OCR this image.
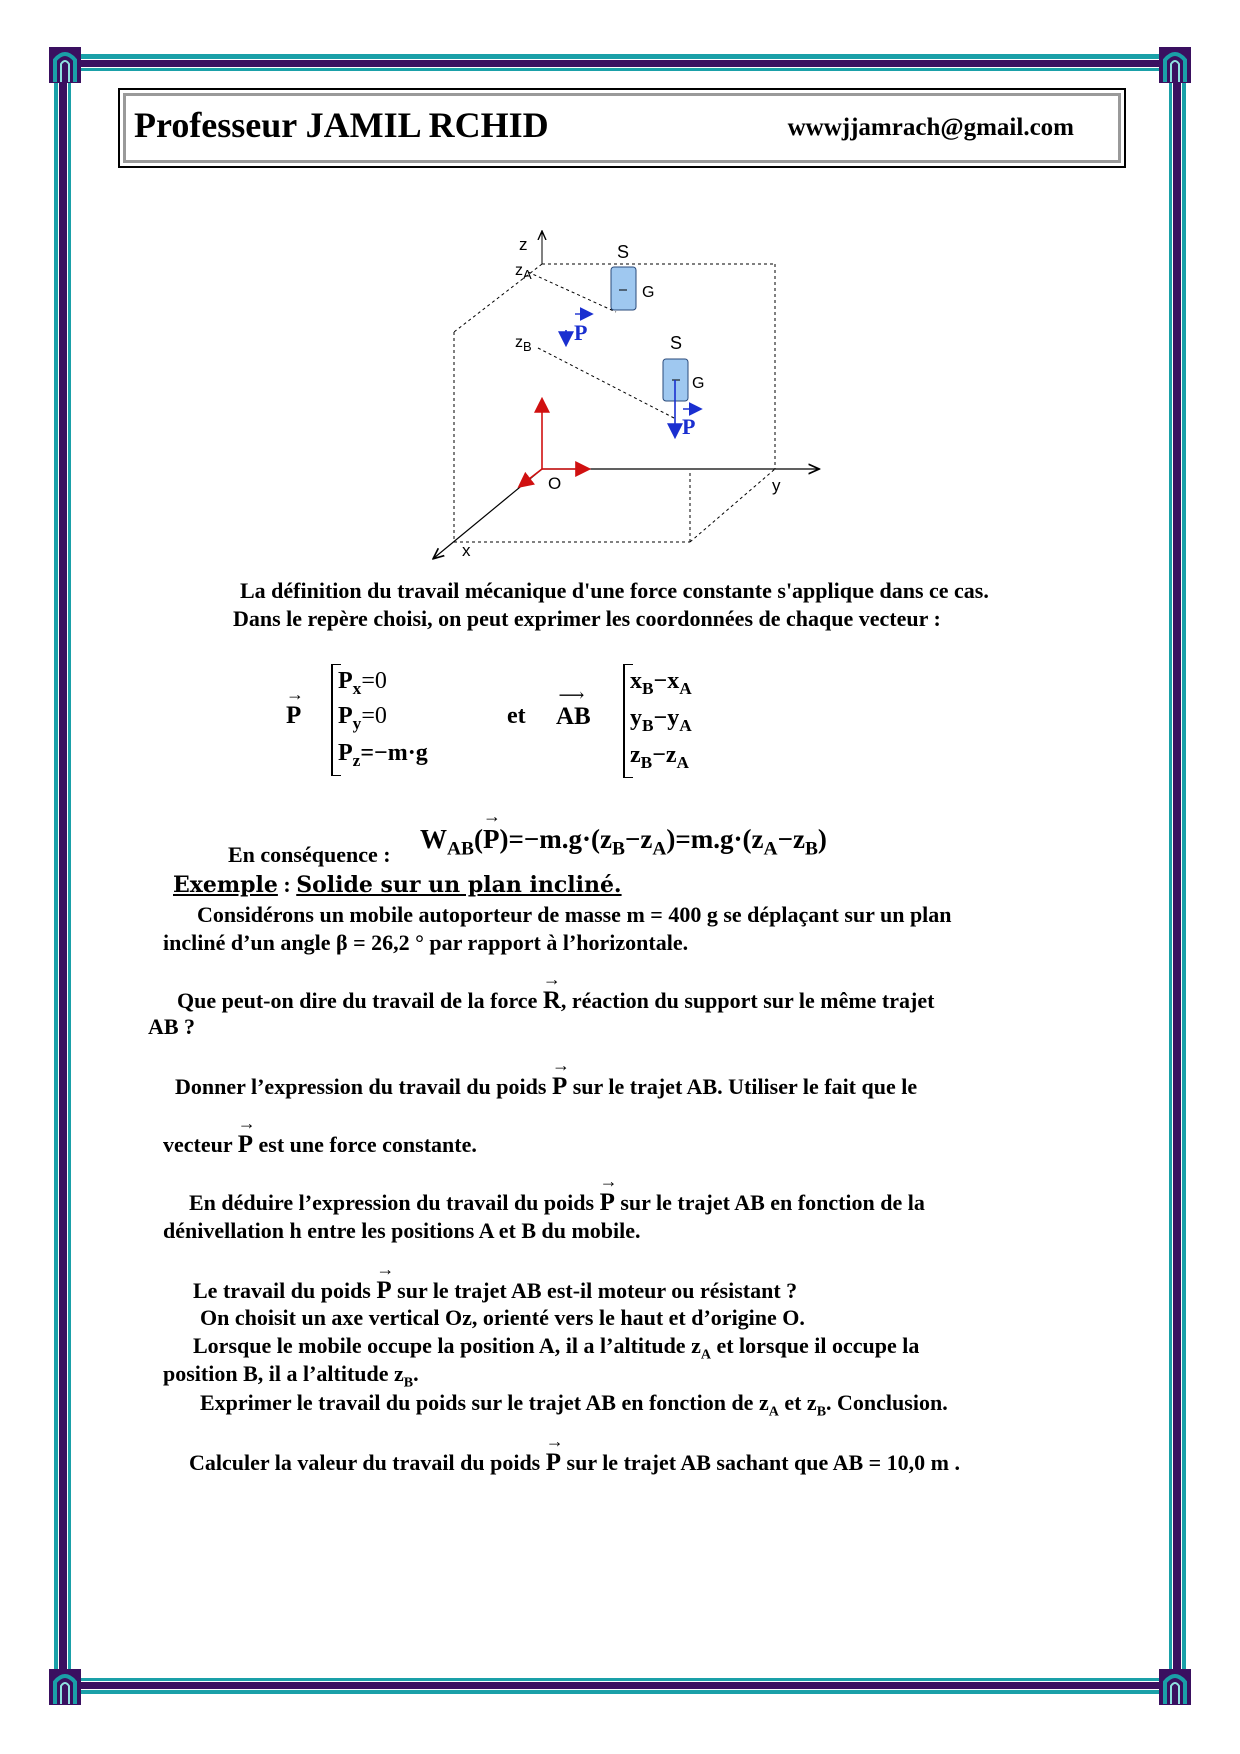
Professeur JAMIL RCHID	wwwjjamrach@gmail.com
z
y
x
O
$z_A$
$z_B$
S
G
P	S
G
P
La définition du travail mécanique d'une force constante s'applique dans ce cas.
Dans le repère choisi, on peut exprimer les coordonnées de chaque vecteur :
→
P
$P_x=0$
$P_y=0$
$P_z=-m\cdot g$
et
⟶
AB
$x_B-x_A$
$y_B-y_A$
$z_B-z_A$
En conséquence :
$W_{AB}$(
→
$P)=-m.g\cdot(z_B-z_A)=m.g\cdot(z_A-z_B)$
Exemple : Solide sur un plan incliné.
Considérons un mobile autoporteur de masse m = 400 g se déplaçant sur un plan
incliné d’un angle β = 26,2 ° par rapport à l’horizontale.
Que peut-on dire du travail de la force
→
R, réaction du support sur le même trajet
AB ?
Donner l’expression du travail du poids
→
P sur le trajet AB. Utiliser le fait que le
vecteur
→
P est une force constante.
En déduire l’expression du travail du poids
→
P sur le trajet AB en fonction de la
dénivellation h entre les positions A et B du mobile.
Le travail du poids
→
P sur le trajet AB est-il moteur ou résistant ?
On choisit un axe vertical Oz, orienté vers le haut et d’origine O.
Lorsque le mobile occupe la position A, il a l’altitude $z_A$ et lorsque il occupe la
position B, il a l’altitude $z_B$.
Exprimer le travail du poids sur le trajet AB en fonction de $z_A$ et $z_B$. Conclusion.
Calculer la valeur du travail du poids
→
P sur le trajet AB sachant que AB = 10,0 m .
